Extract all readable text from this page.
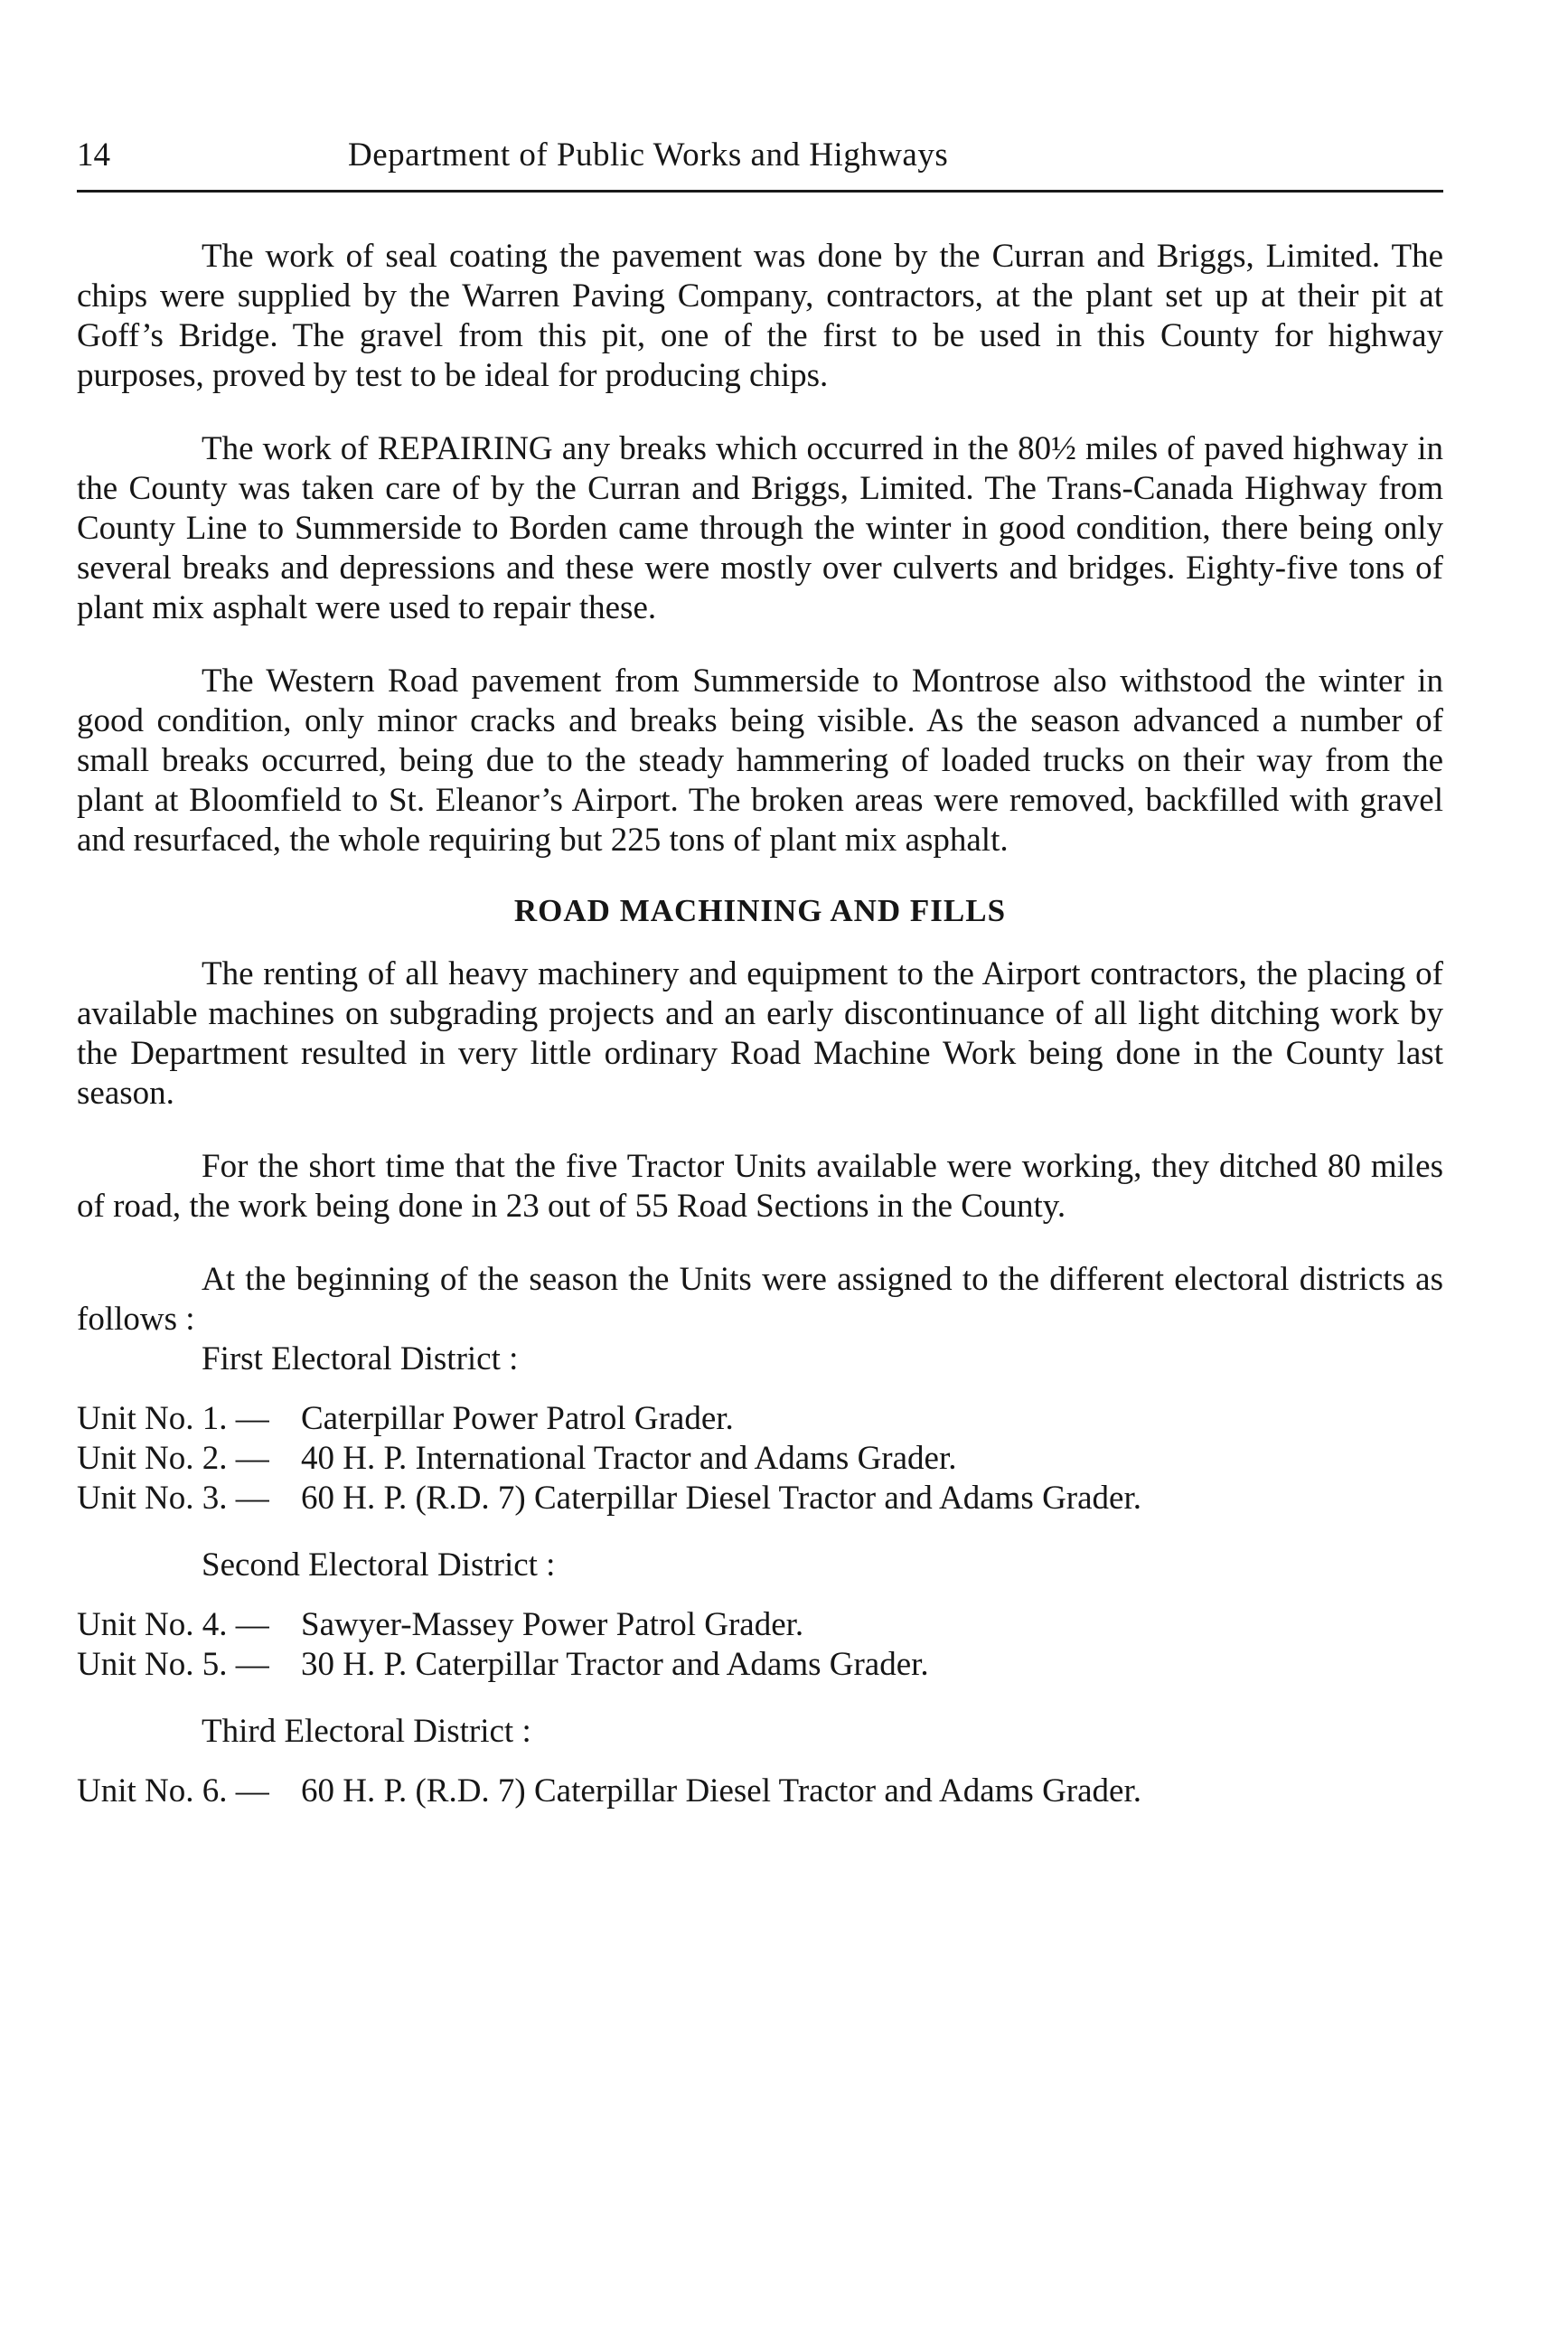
14	Department of Public Works and Highways

The work of seal coating the pavement was done by the Curran and Briggs, Limited. The chips were supplied by the Warren Paving Company, contractors, at the plant set up at their pit at Goff’s Bridge. The gravel from this pit, one of the first to be used in this County for highway purposes, proved by test to be ideal for producing chips.

The work of REPAIRING any breaks which occurred in the 80½ miles of paved highway in the County was taken care of by the Curran and Briggs, Limited. The Trans-Canada Highway from County Line to Summerside to Borden came through the winter in good condition, there being only several breaks and depressions and these were mostly over culverts and bridges. Eighty-five tons of plant mix asphalt were used to repair these.

The Western Road pavement from Summerside to Montrose also withstood the winter in good condition, only minor cracks and breaks being visible. As the season advanced a number of small breaks occurred, being due to the steady hammering of loaded trucks on their way from the plant at Bloomfield to St. Eleanor’s Airport. The broken areas were removed, backfilled with gravel and resurfaced, the whole requiring but 225 tons of plant mix asphalt.

ROAD MACHINING AND FILLS

The renting of all heavy machinery and equipment to the Airport contractors, the placing of available machines on subgrading projects and an early discontinuance of all light ditching work by the Department resulted in very little ordinary Road Machine Work being done in the County last season.

For the short time that the five Tractor Units available were working, they ditched 80 miles of road, the work being done in 23 out of 55 Road Sections in the County.

At the beginning of the season the Units were assigned to the different electoral districts as follows :

First Electoral District :

Unit No. 1. — Caterpillar Power Patrol Grader.
Unit No. 2. — 40 H. P. International Tractor and Adams Grader.
Unit No. 3. — 60 H. P. (R.D. 7) Caterpillar Diesel Tractor and Adams Grader.

Second Electoral District :

Unit No. 4. — Sawyer-Massey Power Patrol Grader.
Unit No. 5. — 30 H. P. Caterpillar Tractor and Adams Grader.

Third Electoral District :

Unit No. 6. — 60 H. P. (R.D. 7) Caterpillar Diesel Tractor and Adams Grader.
